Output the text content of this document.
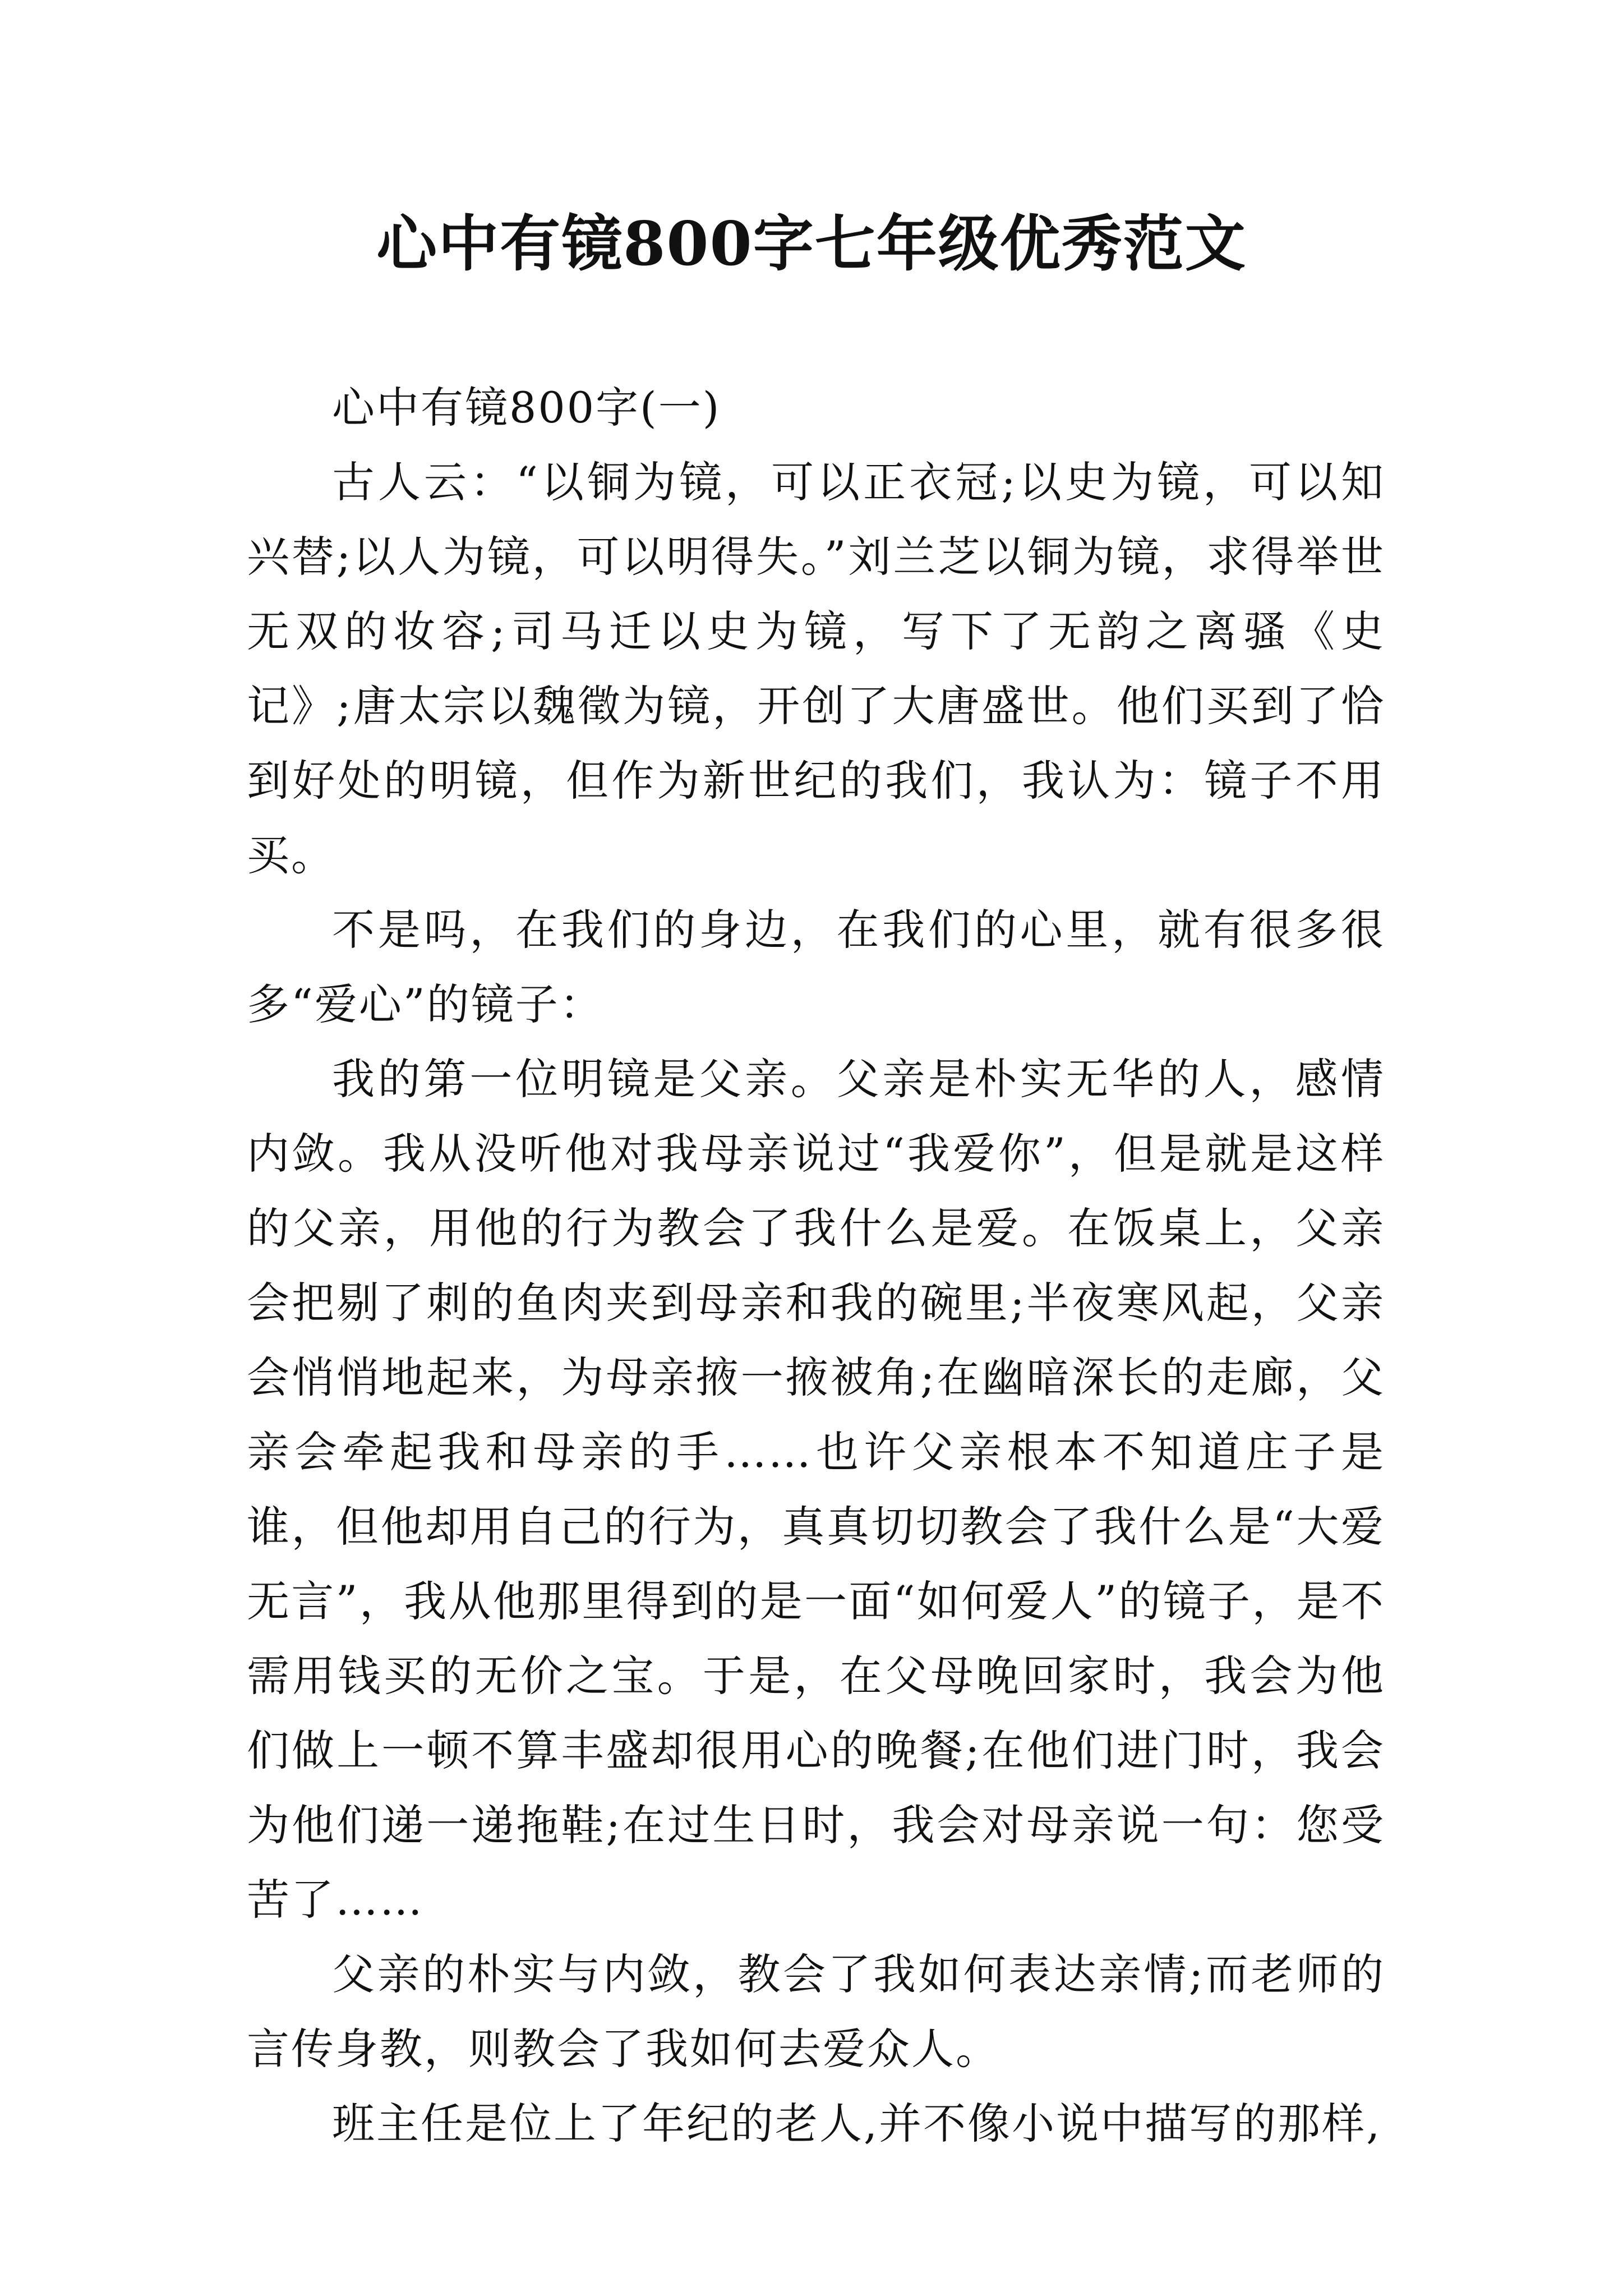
心中有镜800字七年级优秀范文

心中有镜800字(一)

古人云：“以铜为镜，可以正衣冠;以史为镜，可以知兴替;以人为镜，可以明得失。”刘兰芝以铜为镜，求得举世无双的妆容;司马迁以史为镜，写下了无韵之离骚《史记》;唐太宗以魏徵为镜，开创了大唐盛世。他们买到了恰到好处的明镜，但作为新世纪的我们，我认为：镜子不用买。

不是吗，在我们的身边，在我们的心里，就有很多很多“爱心”的镜子：

我的第一位明镜是父亲。父亲是朴实无华的人，感情内敛。我从没听他对我母亲说过“我爱你”，但是就是这样的父亲，用他的行为教会了我什么是爱。在饭桌上，父亲会把剔了刺的鱼肉夹到母亲和我的碗里;半夜寒风起，父亲会悄悄地起来，为母亲掖一掖被角;在幽暗深长的走廊，父亲会牵起我和母亲的手……也许父亲根本不知道庄子是谁，但他却用自己的行为，真真切切教会了我什么是“大爱无言”，我从他那里得到的是一面“如何爱人”的镜子，是不需用钱买的无价之宝。于是，在父母晚回家时，我会为他们做上一顿不算丰盛却很用心的晚餐;在他们进门时，我会为他们递一递拖鞋;在过生日时，我会对母亲说一句：您受苦了……

父亲的朴实与内敛，教会了我如何表达亲情;而老师的言传身教，则教会了我如何去爱众人。

班主任是位上了年纪的老人,并不像小说中描写的那样,
